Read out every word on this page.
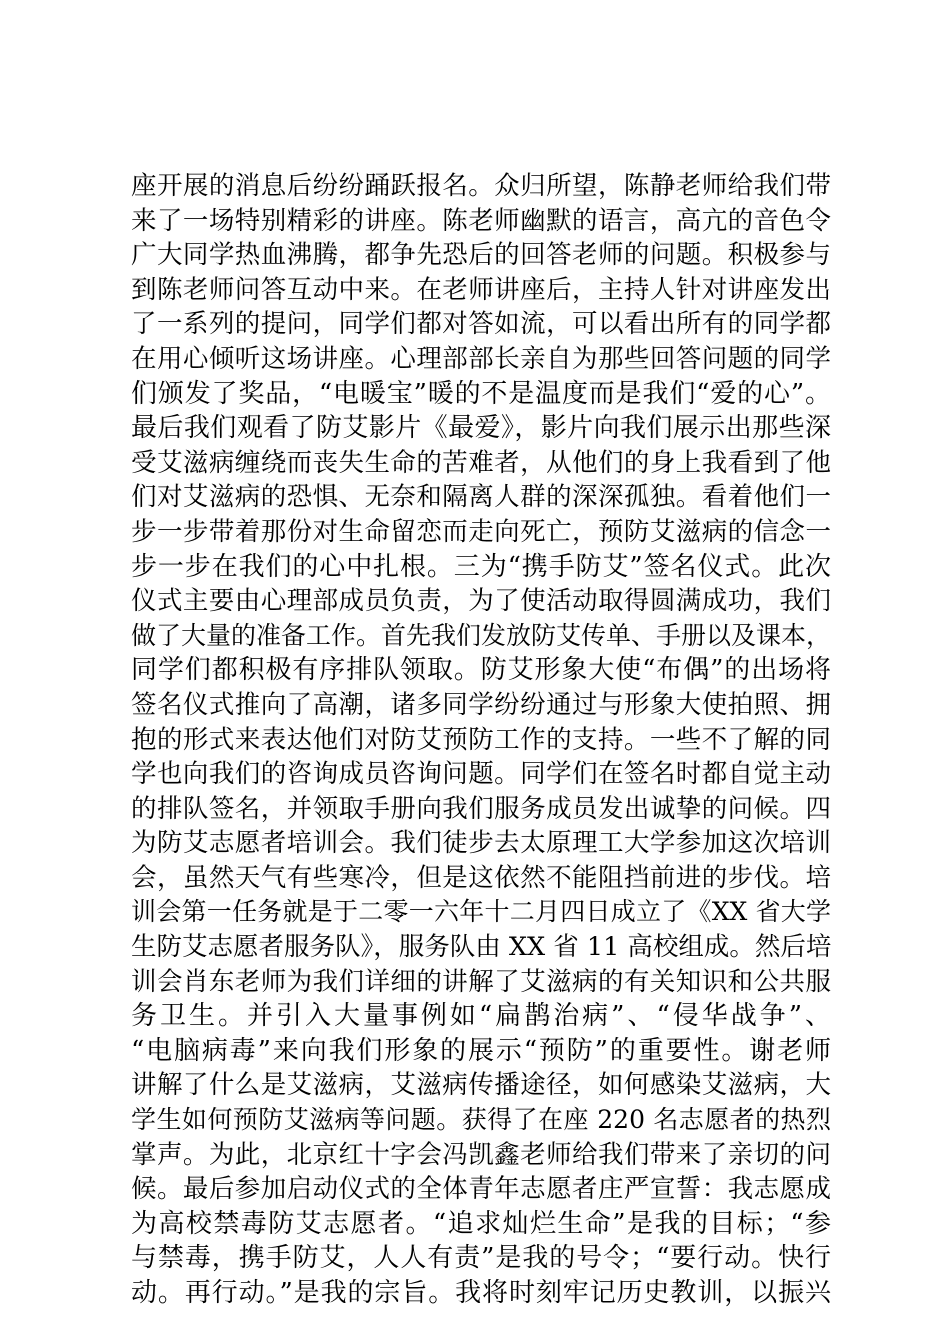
座开展的消息后纷纷踊跃报名。众归所望，陈静老师给我们带
来了一场特别精彩的讲座。陈老师幽默的语言，高亢的音色令
广大同学热血沸腾，都争先恐后的回答老师的问题。积极参与
到陈老师问答互动中来。在老师讲座后，主持人针对讲座发出
了一系列的提问，同学们都对答如流，可以看出所有的同学都
在用心倾听这场讲座。心理部部长亲自为那些回答问题的同学
们颁发了奖品，“电暖宝”暖的不是温度而是我们“爱的心”。
最后我们观看了防艾影片《最爱》，影片向我们展示出那些深
受艾滋病缠绕而丧失生命的苦难者，从他们的身上我看到了他
们对艾滋病的恐惧、无奈和隔离人群的深深孤独。看着他们一
步一步带着那份对生命留恋而走向死亡，预防艾滋病的信念一
步一步在我们的心中扎根。三为“携手防艾”签名仪式。此次
仪式主要由心理部成员负责，为了使活动取得圆满成功，我们
做了大量的准备工作。首先我们发放防艾传单、手册以及课本，
同学们都积极有序排队领取。防艾形象大使“布偶”的出场将
签名仪式推向了高潮，诸多同学纷纷通过与形象大使拍照、拥
抱的形式来表达他们对防艾预防工作的支持。一些不了解的同
学也向我们的咨询成员咨询问题。同学们在签名时都自觉主动
的排队签名，并领取手册向我们服务成员发出诚挚的问候。四
为防艾志愿者培训会。我们徒步去太原理工大学参加这次培训
会，虽然天气有些寒冷，但是这依然不能阻挡前进的步伐。培
训会第一任务就是于二零一六年十二月四日成立了《XX 省大学
生防艾志愿者服务队》，服务队由 XX 省 11 高校组成。然后培
训会肖东老师为我们详细的讲解了艾滋病的有关知识和公共服
务卫生。并引入大量事例如“扁鹊治病”、“侵华战争”、
“电脑病毒”来向我们形象的展示“预防”的重要性。谢老师
讲解了什么是艾滋病，艾滋病传播途径，如何感染艾滋病，大
学生如何预防艾滋病等问题。获得了在座 220 名志愿者的热烈
掌声。为此，北京红十字会冯凯鑫老师给我们带来了亲切的问
候。最后参加启动仪式的全体青年志愿者庄严宣誓：我志愿成
为高校禁毒防艾志愿者。“追求灿烂生命”是我的目标；“参
与禁毒，携手防艾，人人有责”是我的号令；“要行动。快行
动。再行动。”是我的宗旨。我将时刻牢记历史教训，以振兴
